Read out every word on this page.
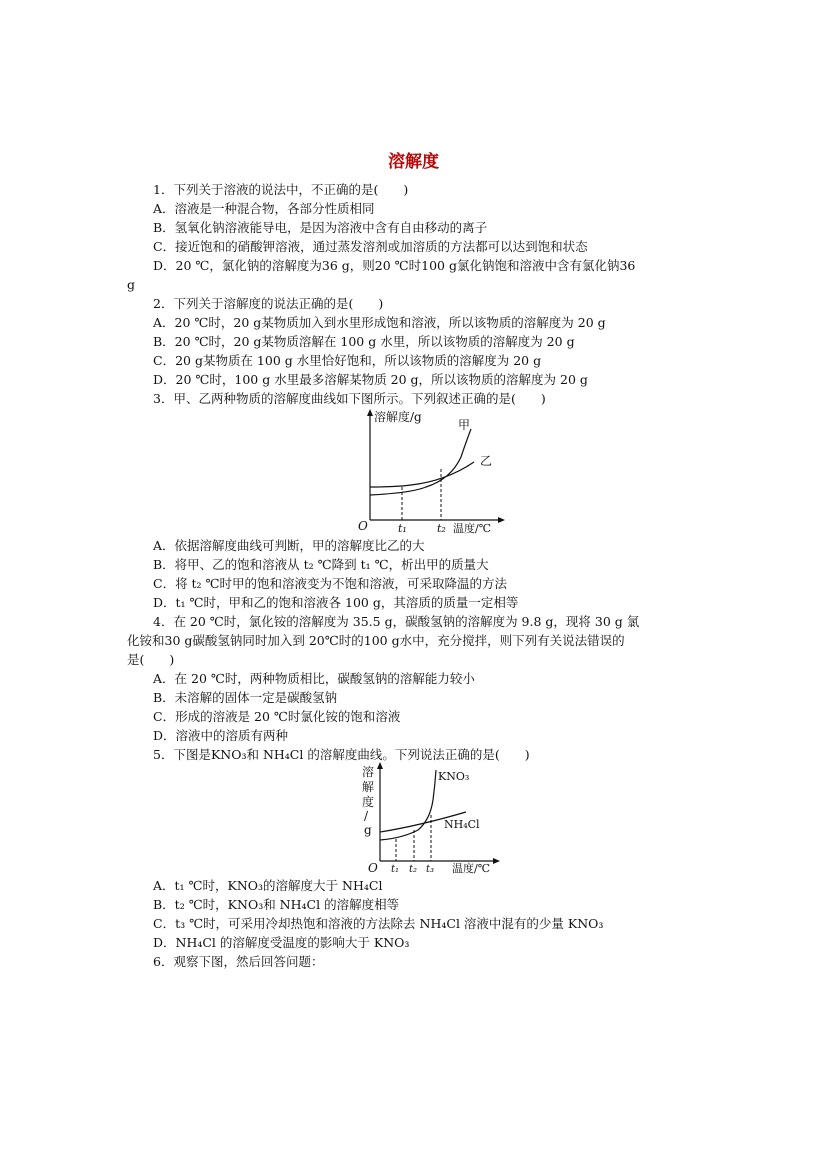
溶解度
1．下列关于溶液的说法中，不正确的是(　　)
A．溶液是一种混合物，各部分性质相同
B．氢氧化钠溶液能导电，是因为溶液中含有自由移动的离子
C．接近饱和的硝酸钾溶液，通过蒸发溶剂或加溶质的方法都可以达到饱和状态
D．20 ℃，氯化钠的溶解度为36 g，则20 ℃时100 g氯化钠饱和溶液中含有氯化钠36
g
2．下列关于溶解度的说法正确的是(　　)
A．20 ℃时，20 g某物质加入到水里形成饱和溶液，所以该物质的溶解度为 20 g
B．20 ℃时，20 g某物质溶解在 100 g 水里，所以该物质的溶解度为 20 g
C．20 g某物质在 100 g 水里恰好饱和，所以该物质的溶解度为 20 g
D．20 ℃时，100 g 水里最多溶解某物质 20 g，所以该物质的溶解度为 20 g
3．甲、乙两种物质的溶解度曲线如下图所示。下列叙述正确的是(　　)
A．依据溶解度曲线可判断，甲的溶解度比乙的大
B．将甲、乙的饱和溶液从 t₂ ℃降到 t₁ ℃，析出甲的质量大
C．将 t₂ ℃时甲的饱和溶液变为不饱和溶液，可采取降温的方法
D．t₁ ℃时，甲和乙的饱和溶液各 100 g，其溶质的质量一定相等
4．在 20 ℃时，氯化铵的溶解度为 35.5 g，碳酸氢钠的溶解度为 9.8 g，现将 30 g 氯
化铵和30 g碳酸氢钠同时加入到 20℃时的100 g水中，充分搅拌，则下列有关说法错误的
是(　　)
A．在 20 ℃时，两种物质相比，碳酸氢钠的溶解能力较小
B．未溶解的固体一定是碳酸氢钠
C．形成的溶液是 20 ℃时氯化铵的饱和溶液
D．溶液中的溶质有两种
5．下图是KNO₃和 NH₄Cl 的溶解度曲线。下列说法正确的是(　　)
A．t₁ ℃时，KNO₃的溶解度大于 NH₄Cl
B．t₂ ℃时，KNO₃和 NH₄Cl 的溶解度相等
C．t₃ ℃时，可采用冷却热饱和溶液的方法除去 NH₄Cl 溶液中混有的少量 KNO₃
D．NH₄Cl 的溶解度受温度的影响大于 KNO₃
6．观察下图，然后回答问题：
溶解度/g
甲
乙
O	t₁	t₂ 温度/℃
溶
解
度
/
g
KNO₃
NH₄Cl
O t₁ t₂ t₃ 温度/℃
